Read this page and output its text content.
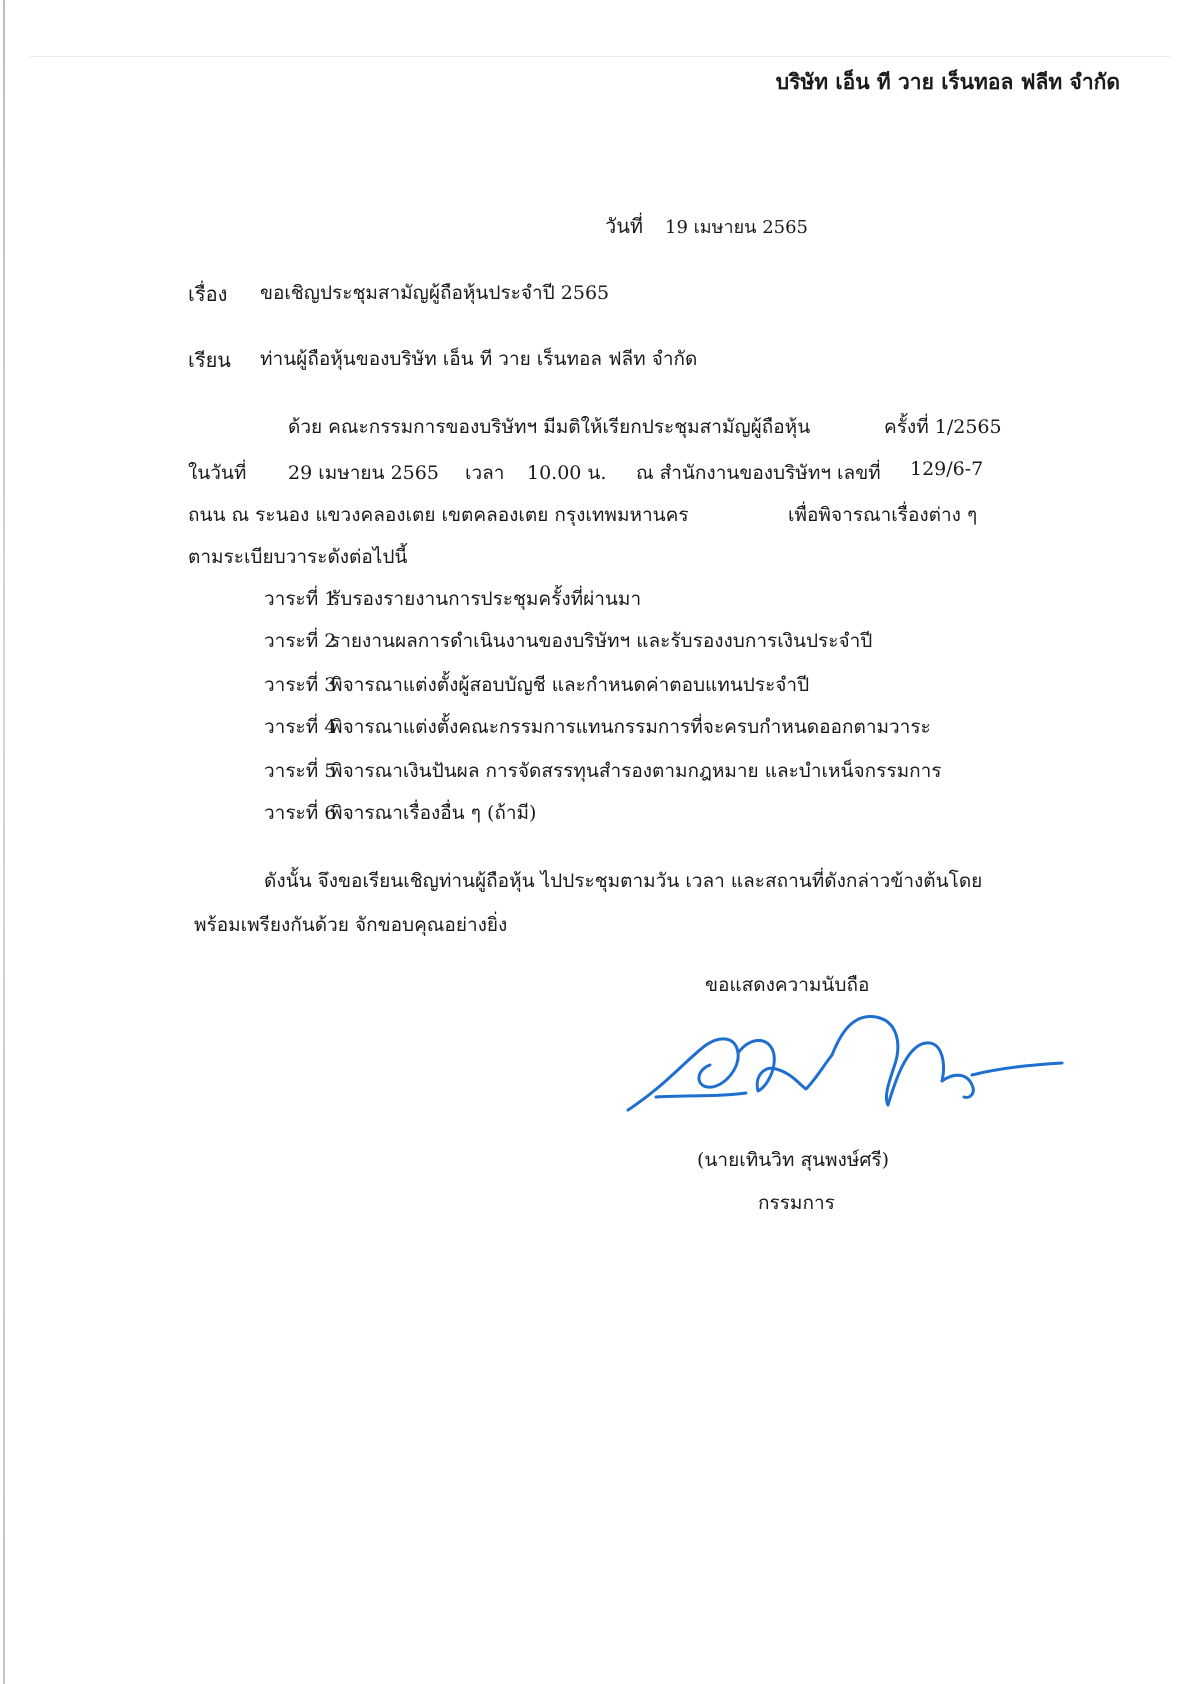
บริษัท เอ็น ที วาย เร็นทอล ฟลีท จำกัด
วันที่ 19 เมษายน 2565
เรื่อง ขอเชิญประชุมสามัญผู้ถือหุ้นประจำปี 2565
เรียน ท่านผู้ถือหุ้นของบริษัท เอ็น ที วาย เร็นทอล ฟลีท จำกัด
ด้วย คณะกรรมการของบริษัทฯ มีมติให้เรียกประชุมสามัญผู้ถือหุ้น	ครั้งที่ 1/2565
ในวันที่ 29 เมษายน 2565 เวลา 10.00 น. ณ สำนักงานของบริษัทฯ เลขที่ 129/6-7
ถนน ณ ระนอง แขวงคลองเตย เขตคลองเตย กรุงเทพมหานคร	เพื่อพิจารณาเรื่องต่าง ๆ
ตามระเบียบวาระดังต่อไปนี้
วาระที่ 1 รับรองรายงานการประชุมครั้งที่ผ่านมา
วาระที่ 2 รายงานผลการดำเนินงานของบริษัทฯ และรับรองงบการเงินประจำปี
วาระที่ 3 พิจารณาแต่งตั้งผู้สอบบัญชี และกำหนดค่าตอบแทนประจำปี
วาระที่ 4 พิจารณาแต่งตั้งคณะกรรมการแทนกรรมการที่จะครบกำหนดออกตามวาระ
วาระที่ 5 พิจารณาเงินปันผล การจัดสรรทุนสำรองตามกฎหมาย และบำเหน็จกรรมการ
วาระที่ 6 พิจารณาเรื่องอื่น ๆ (ถ้ามี)
ดังนั้น จึงขอเรียนเชิญท่านผู้ถือหุ้น ไปประชุมตามวัน เวลา และสถานที่ดังกล่าวข้างต้นโดย
พร้อมเพรียงกันด้วย จักขอบคุณอย่างยิ่ง
ขอแสดงความนับถือ
(นายเทินวิท สุนพงษ์ศรี)
กรรมการ
